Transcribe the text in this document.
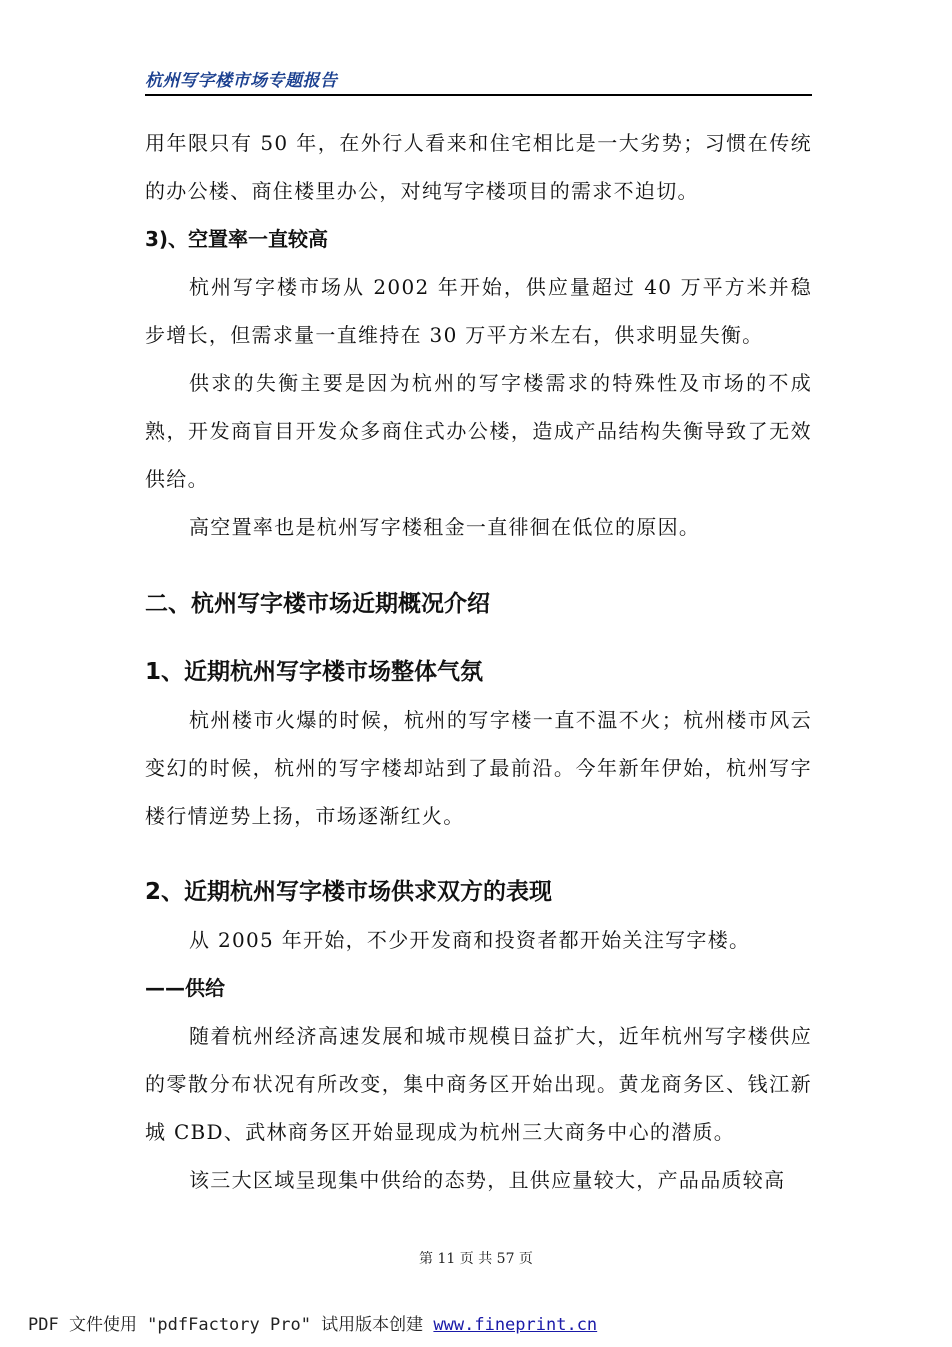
杭州写字楼市场专题报告

用年限只有 50 年，在外行人看来和住宅相比是一大劣势；习惯在传统的办公楼、商住楼里办公，对纯写字楼项目的需求不迫切。

3)、空置率一直较高

杭州写字楼市场从 2002 年开始，供应量超过 40 万平方米并稳步增长，但需求量一直维持在 30 万平方米左右，供求明显失衡。

供求的失衡主要是因为杭州的写字楼需求的特殊性及市场的不成熟，开发商盲目开发众多商住式办公楼，造成产品结构失衡导致了无效供给。

高空置率也是杭州写字楼租金一直徘徊在低位的原因。

二、杭州写字楼市场近期概况介绍
1、近期杭州写字楼市场整体气氛

杭州楼市火爆的时候，杭州的写字楼一直不温不火；杭州楼市风云变幻的时候，杭州的写字楼却站到了最前沿。今年新年伊始，杭州写字楼行情逆势上扬，市场逐渐红火。

2、近期杭州写字楼市场供求双方的表现

从 2005 年开始，不少开发商和投资者都开始关注写字楼。

——供给

随着杭州经济高速发展和城市规模日益扩大，近年杭州写字楼供应的零散分布状况有所改变，集中商务区开始出现。黄龙商务区、钱江新城 CBD、武林商务区开始显现成为杭州三大商务中心的潜质。

该三大区域呈现集中供给的态势，且供应量较大，产品品质较高

第 11 页 共 57 页
PDF 文件使用 "pdfFactory Pro" 试用版本创建 www.fineprint.cn
